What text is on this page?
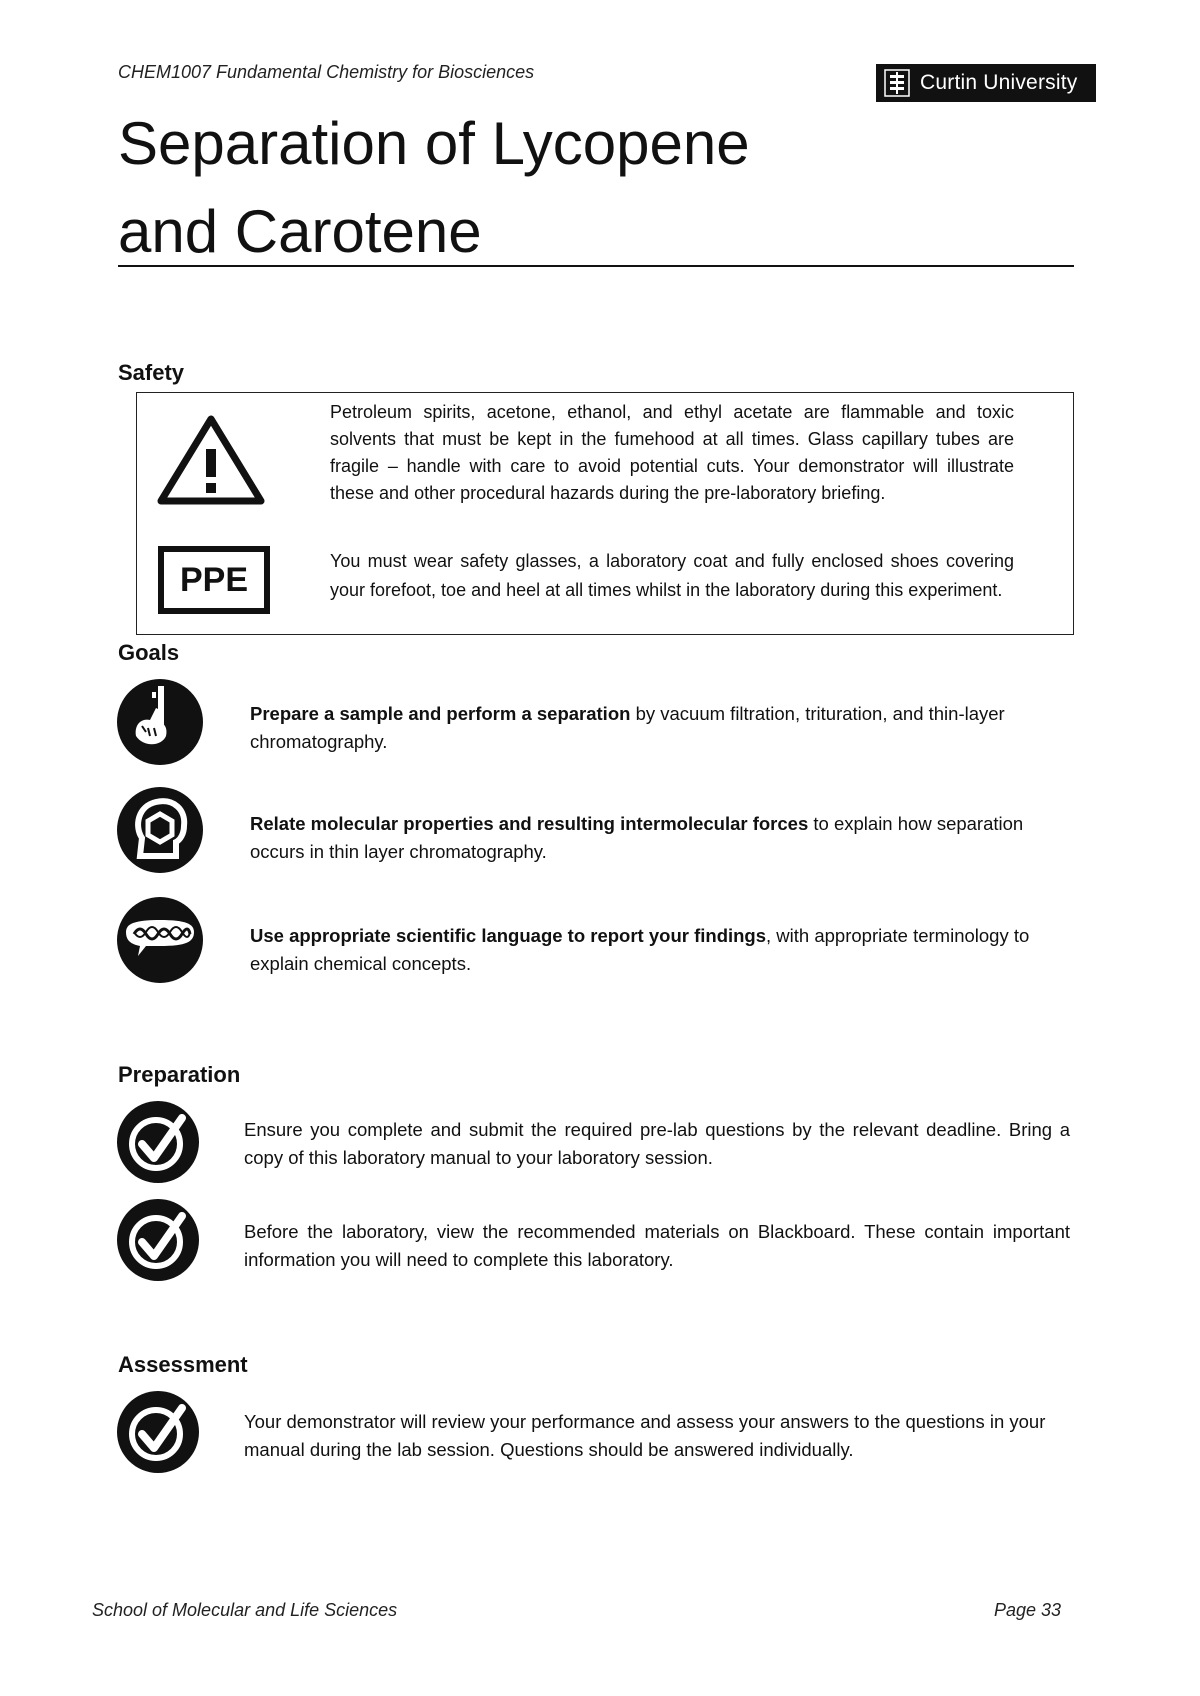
CHEM1007 Fundamental Chemistry for Biosciences	Curtin University
Separation of Lycopene
and Carotene
Safety
PPE
Petroleum spirits, acetone, ethanol, and ethyl acetate are flammable and toxic solvents that must be kept in the fumehood at all times. Glass capillary tubes are fragile – handle with care to avoid potential cuts. Your demonstrator will illustrate these and other procedural hazards during the pre-laboratory briefing.
You must wear safety glasses, a laboratory coat and fully enclosed shoes covering your forefoot, toe and heel at all times whilst in the laboratory during this experiment.
Goals
Prepare a sample and perform a separation by vacuum filtration, trituration, and thin-layer chromatography.
Relate molecular properties and resulting intermolecular forces to explain how separation occurs in thin layer chromatography.
Use appropriate scientific language to report your findings, with appropriate terminology to explain chemical concepts.
Preparation
Ensure you complete and submit the required pre-lab questions by the relevant deadline. Bring a copy of this laboratory manual to your laboratory session.
Before the laboratory, view the recommended materials on Blackboard. These contain important information you will need to complete this laboratory.
Assessment
Your demonstrator will review your performance and assess your answers to the questions in your manual during the lab session. Questions should be answered individually.
School of Molecular and Life Sciences	Page 33
